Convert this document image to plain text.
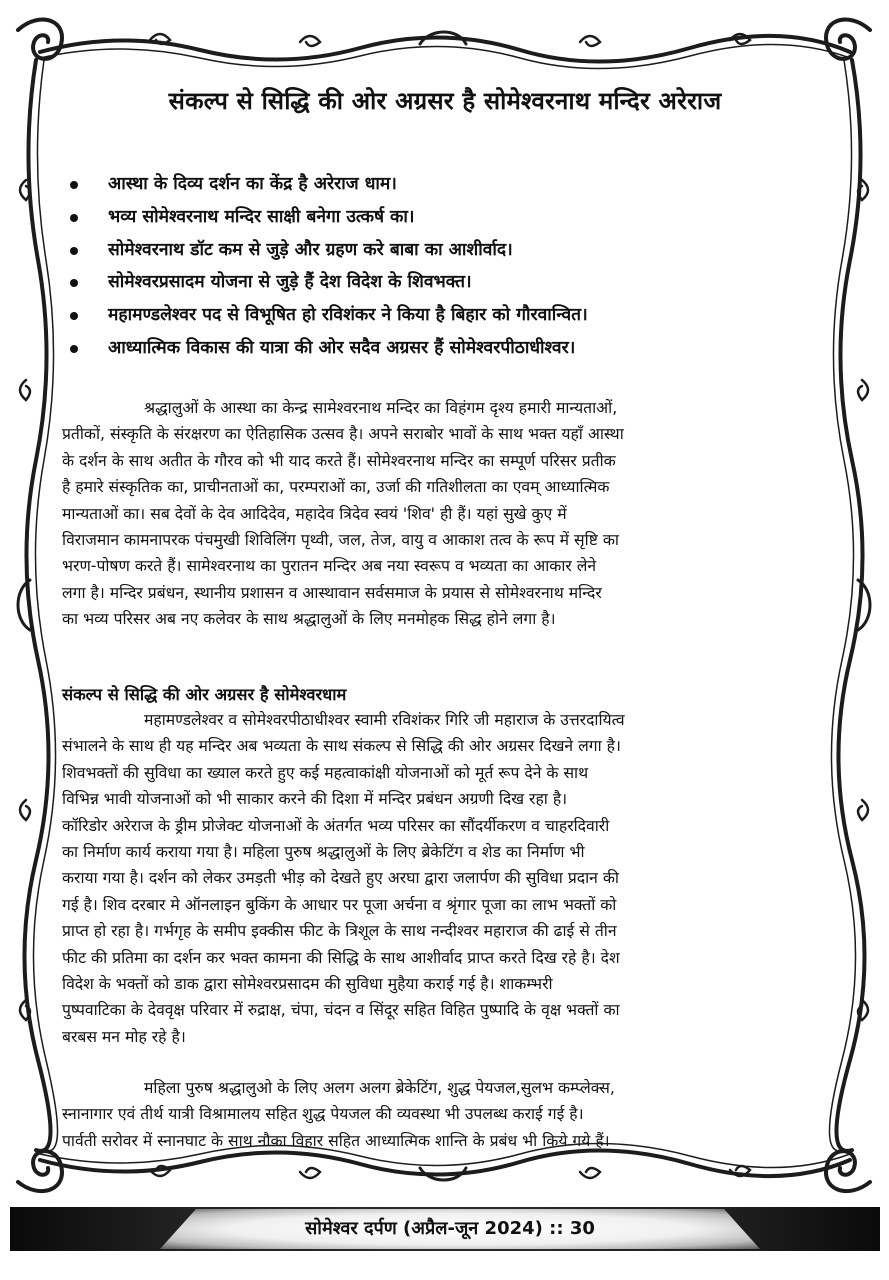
संकल्प से सिद्धि की ओर अग्रसर है सोमेश्वरनाथ मन्दिर अरेराज
आस्था के दिव्य दर्शन का केंद्र है अरेराज धाम।
भव्य सोमेश्वरनाथ मन्दिर साक्षी बनेगा उत्कर्ष का।
सोमेश्वरनाथ डॉट कम से जुड़े और ग्रहण करे बाबा का आशीर्वाद।
सोमेश्वरप्रसादम योजना से जुड़े हैं देश विदेश के शिवभक्त।
महामण्डलेश्वर पद से विभूषित हो रविशंकर ने किया है बिहार को गौरवान्वित।
आध्यात्मिक विकास की यात्रा की ओर सदैव अग्रसर हैं सोमेश्वरपीठाधीश्वर।
श्रद्धालुओं के आस्था का केन्द्र सामेश्वरनाथ मन्दिर का विहंगम दृश्य हमारी मान्यताओं,
प्रतीकों, संस्कृति के संरक्षरण का ऐतिहासिक उत्सव है। अपने सराबोर भावों के साथ भक्त यहाँ आस्था
के दर्शन के साथ अतीत के गौरव को भी याद करते हैं। सोमेश्वरनाथ मन्दिर का सम्पूर्ण परिसर प्रतीक
है हमारे संस्कृतिक का, प्राचीनताओं का, परम्पराओं का, उर्जा की गतिशीलता का एवम् आध्यात्मिक
मान्यताओं का। सब देवों के देव आदिदेव, महादेव त्रिदेव स्वयं 'शिव' ही हैं। यहां सुखे कुए में
विराजमान कामनापरक पंचमुखी शिविलिंग पृथ्वी, जल, तेज, वायु व आकाश तत्व के रूप में सृष्टि का
भरण-पोषण करते हैं। सामेश्वरनाथ का पुरातन मन्दिर अब नया स्वरूप व भव्यता का आकार लेने
लगा है। मन्दिर प्रबंधन, स्थानीय प्रशासन व आस्थावान सर्वसमाज के प्रयास से सोमेश्वरनाथ मन्दिर
का भव्य परिसर अब नए कलेवर के साथ श्रद्धालुओं के लिए मनमोहक सिद्ध होने लगा है।
संकल्प से सिद्धि की ओर अग्रसर है सोमेश्वरधाम
महामण्डलेश्वर व सोमेश्वरपीठाधीश्वर स्वामी रविशंकर गिरि जी महाराज के उत्तरदायित्व
संभालने के साथ ही यह मन्दिर अब भव्यता के साथ संकल्प से सिद्धि की ओर अग्रसर दिखने लगा है।
शिवभक्तों की सुविधा का ख्याल करते हुए कई महत्वाकांक्षी योजनाओं को मूर्त रूप देने के साथ
विभिन्न भावी योजनाओं को भी साकार करने की दिशा में मन्दिर प्रबंधन अग्रणी दिख रहा है।
कॉरिडोर अरेराज के ड्रीम प्रोजेक्ट योजनाओं के अंतर्गत भव्य परिसर का सौंदर्यीकरण व चाहरदिवारी
का निर्माण कार्य कराया गया है। महिला पुरुष श्रद्धालुओं के लिए ब्रेकेटिंग व शेड का निर्माण भी
कराया गया है। दर्शन को लेकर उमड़ती भीड़ को देखते हुए अरघा द्वारा जलार्पण की सुविधा प्रदान की
गई है। शिव दरबार मे ऑनलाइन बुकिंग के आधार पर पूजा अर्चना व श्रृंगार पूजा का लाभ भक्तों को
प्राप्त हो रहा है। गर्भगृह के समीप इक्कीस फीट के त्रिशूल के साथ नन्दीश्वर महाराज की ढाई से तीन
फीट की प्रतिमा का दर्शन कर भक्त कामना की सिद्धि के साथ आशीर्वाद प्राप्त करते दिख रहे है। देश
विदेश के भक्तों को डाक द्वारा सोमेश्वरप्रसादम की सुविधा मुहैया कराई गई है। शाकम्भरी
पुष्पवाटिका के देववृक्ष परिवार में रुद्राक्ष, चंपा, चंदन व सिंदूर सहित विहित पुष्पादि के वृक्ष भक्तों का
बरबस मन मोह रहे है।
महिला पुरुष श्रद्धालुओ के लिए अलग अलग ब्रेकेटिंग, शुद्ध पेयजल,सुलभ कम्प्लेक्स,
स्नानागार एवं तीर्थ यात्री विश्रामालय सहित शुद्ध पेयजल की व्यवस्था भी उपलब्ध कराई गई है।
पार्वती सरोवर में स्नानघाट के साथ नौका विहार सहित आध्यात्मिक शान्ति के प्रबंध भी किये गये हैं।
सोमेश्वर दर्पण (अप्रैल-जून 2024) :: 30
